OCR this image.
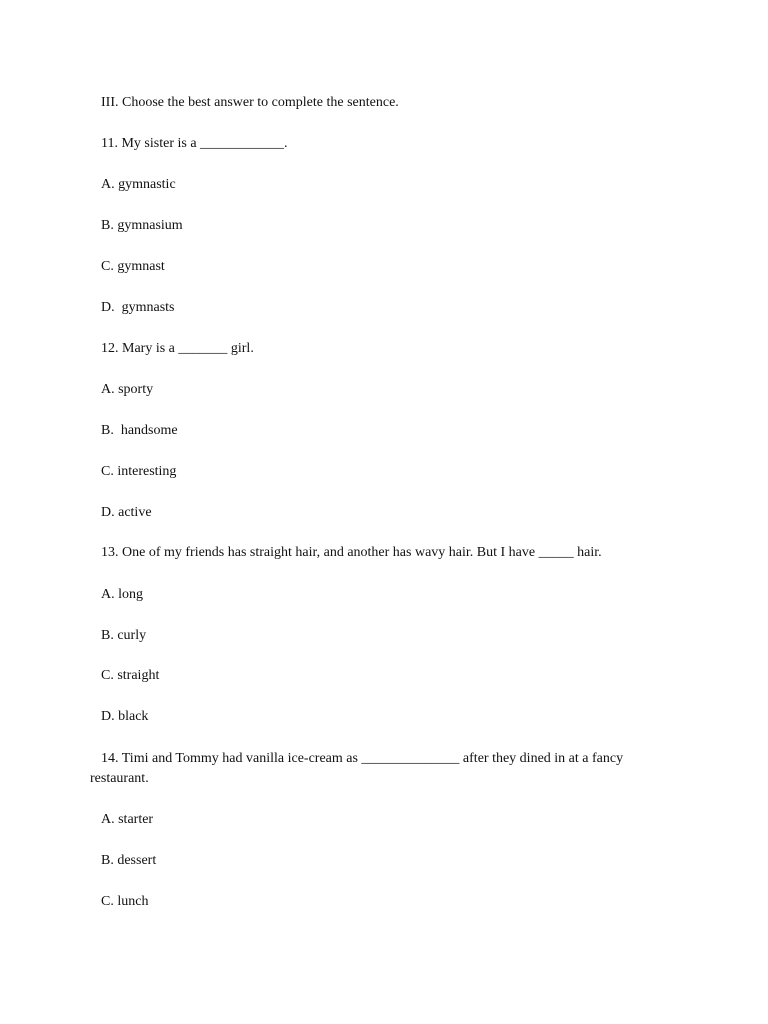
III. Choose the best answer to complete the sentence.
11. My sister is a ____________.
A. gymnastic
B. gymnasium
C. gymnast
D.  gymnasts
12. Mary is a _______ girl.
A. sporty
B.  handsome
C. interesting
D. active
13. One of my friends has straight hair, and another has wavy hair. But I have _____ hair.
A. long
B. curly
C. straight
D. black
14. Timi and Tommy had vanilla ice-cream as ______________ after they dined in at a fancy
restaurant.
A. starter
B. dessert
C. lunch
